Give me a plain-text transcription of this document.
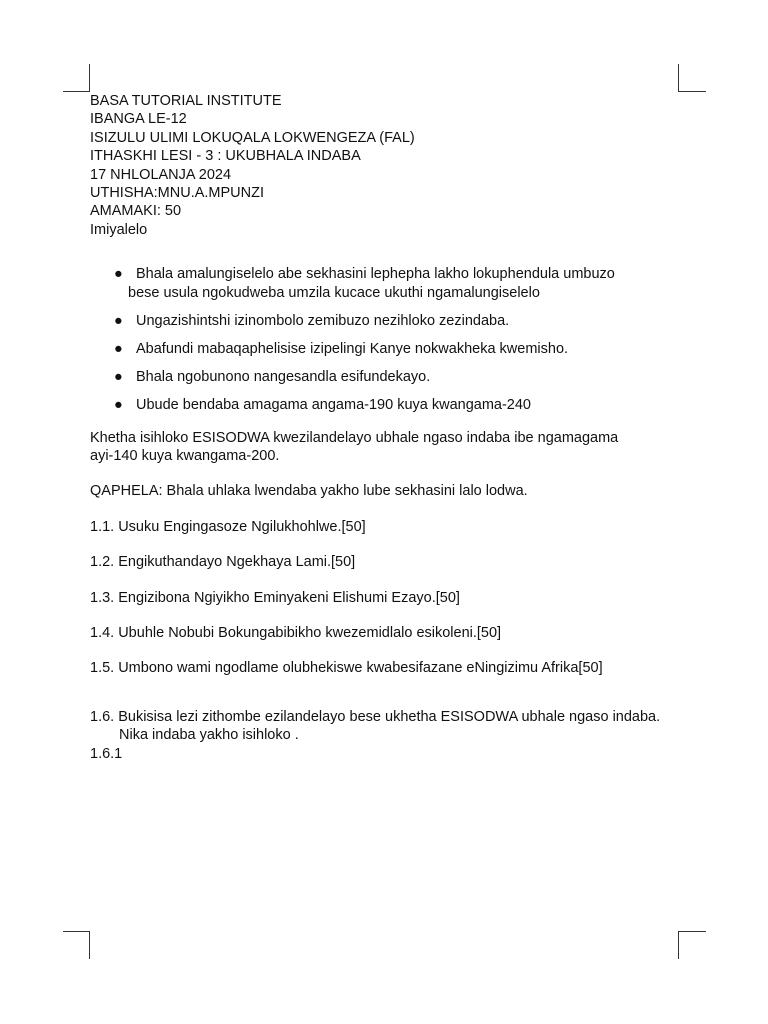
BASA TUTORIAL INSTITUTE
IBANGA LE-12
ISIZULU ULIMI LOKUQALA LOKWENGEZA (FAL)
ITHASKHI LESI - 3 : UKUBHALA INDABA
17 NHLOLANJA 2024
UTHISHA:MNU.A.MPUNZI
AMAMAKI: 50
Imiyalelo
● Bhala amalungiselelo abe sekhasini lephepha lakho lokuphendula umbuzo
bese usula ngokudweba umzila kucace ukuthi ngamalungiselelo
● Ungazishintshi izinombolo zemibuzo nezihloko zezindaba.
● Abafundi mabaqaphelisise izipelingi Kanye nokwakheka kwemisho.
● Bhala ngobunono nangesandla esifundekayo.
● Ubude bendaba amagama angama-190 kuya kwangama-240
Khetha isihloko ESISODWA kwezilandelayo ubhale ngaso indaba ibe ngamagama
ayi-140 kuya kwangama-200.
QAPHELA: Bhala uhlaka lwendaba yakho lube sekhasini lalo lodwa.
1.1. Usuku Engingasoze Ngilukhohlwe.[50]
1.2. Engikuthandayo Ngekhaya Lami.[50]
1.3. Engizibona Ngiyikho Eminyakeni Elishumi Ezayo.[50]
1.4. Ubuhle Nobubi Bokungabibikho kwezemidlalo esikoleni.[50]
1.5. Umbono wami ngodlame olubhekiswe kwabesifazane eNingizimu Afrika[50]
1.6. Bukisisa lezi zithombe ezilandelayo bese ukhetha ESISODWA ubhale ngaso indaba.
Nika indaba yakho isihloko .
1.6.1
